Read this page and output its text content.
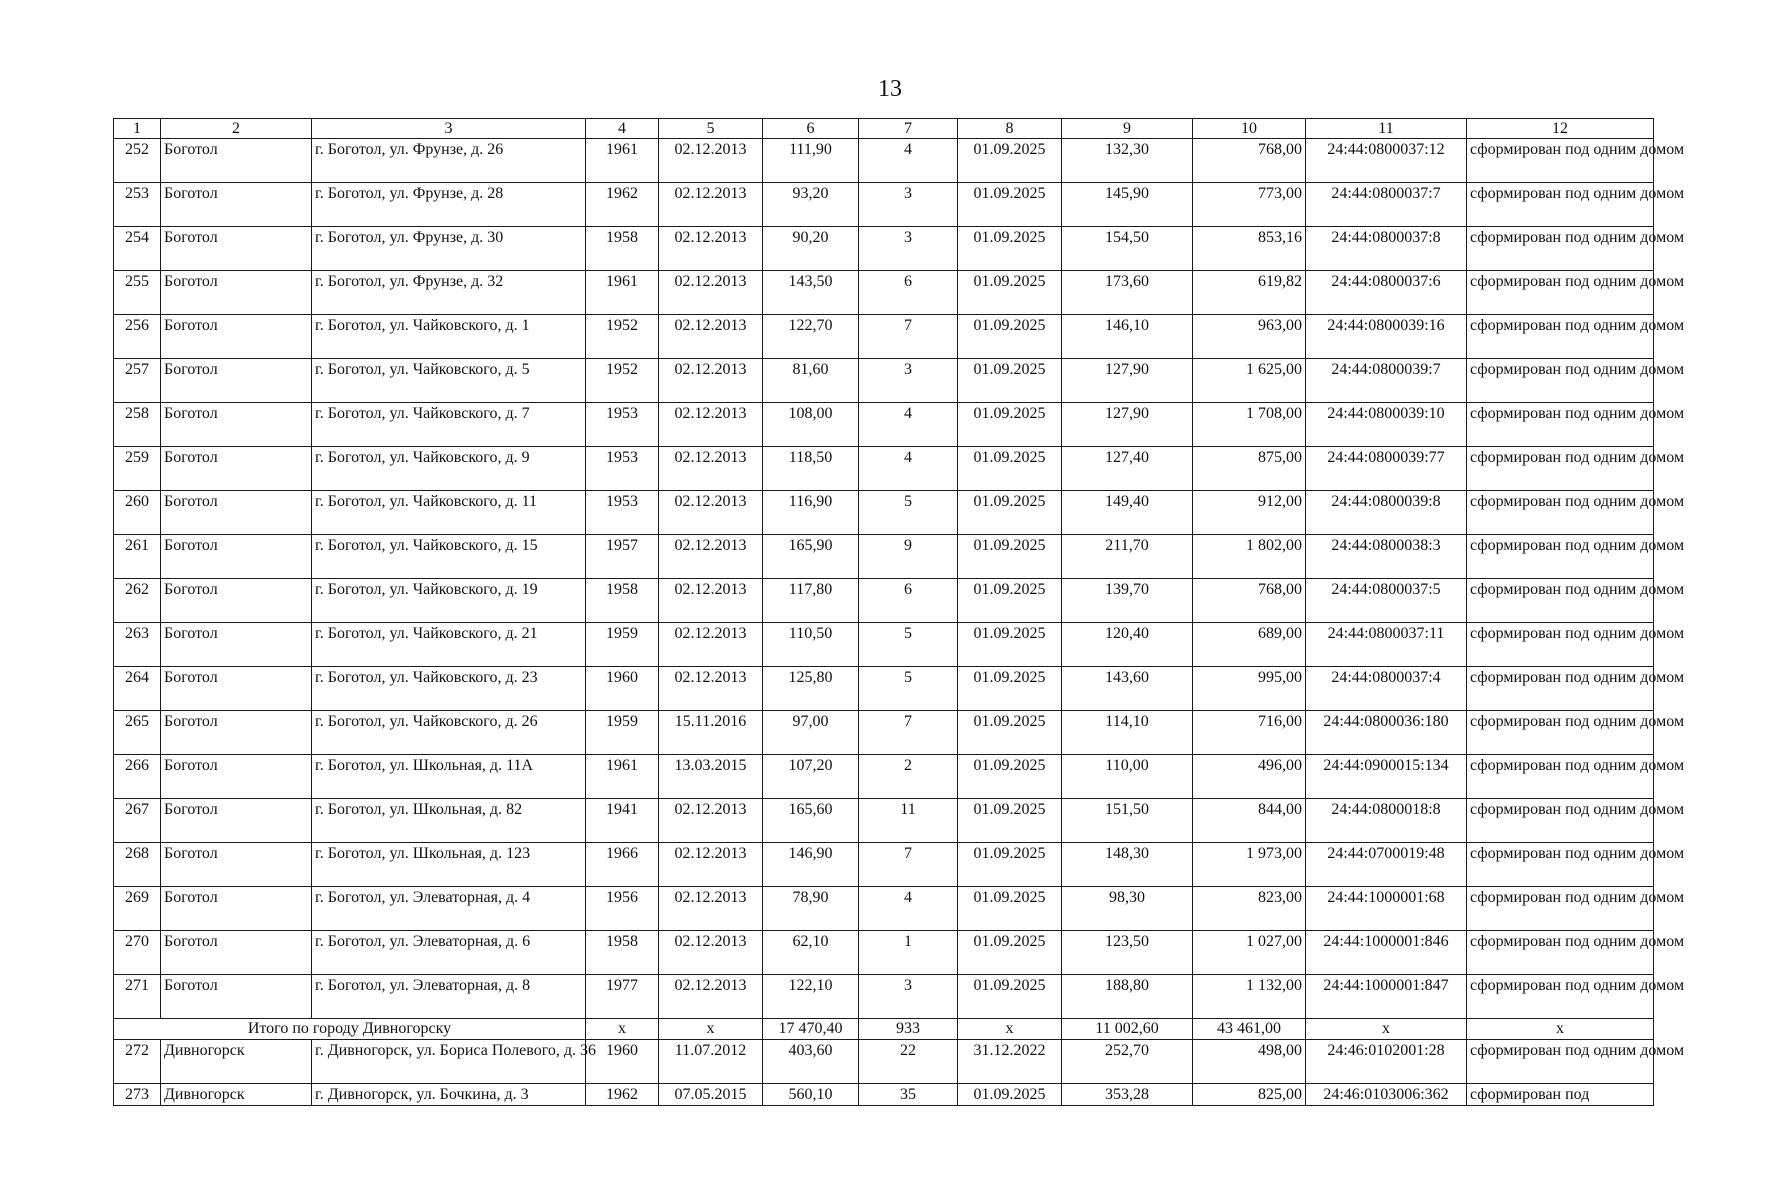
13
1	2	3	4	5	6	7	8	9	10	11	12
252	Боготол	г. Боготол, ул. Фрунзе, д. 26	1961	02.12.2013	111,90	4	01.09.2025	132,30	768,00	24:44:0800037:12	сформирован под одним домом
253	Боготол	г. Боготол, ул. Фрунзе, д. 28	1962	02.12.2013	93,20	3	01.09.2025	145,90	773,00	24:44:0800037:7	сформирован под одним домом
254	Боготол	г. Боготол, ул. Фрунзе, д. 30	1958	02.12.2013	90,20	3	01.09.2025	154,50	853,16	24:44:0800037:8	сформирован под одним домом
255	Боготол	г. Боготол, ул. Фрунзе, д. 32	1961	02.12.2013	143,50	6	01.09.2025	173,60	619,82	24:44:0800037:6	сформирован под одним домом
256	Боготол	г. Боготол, ул. Чайковского, д. 1	1952	02.12.2013	122,70	7	01.09.2025	146,10	963,00	24:44:0800039:16	сформирован под одним домом
257	Боготол	г. Боготол, ул. Чайковского, д. 5	1952	02.12.2013	81,60	3	01.09.2025	127,90	1 625,00	24:44:0800039:7	сформирован под одним домом
258	Боготол	г. Боготол, ул. Чайковского, д. 7	1953	02.12.2013	108,00	4	01.09.2025	127,90	1 708,00	24:44:0800039:10	сформирован под одним домом
259	Боготол	г. Боготол, ул. Чайковского, д. 9	1953	02.12.2013	118,50	4	01.09.2025	127,40	875,00	24:44:0800039:77	сформирован под одним домом
260	Боготол	г. Боготол, ул. Чайковского, д. 11	1953	02.12.2013	116,90	5	01.09.2025	149,40	912,00	24:44:0800039:8	сформирован под одним домом
261	Боготол	г. Боготол, ул. Чайковского, д. 15	1957	02.12.2013	165,90	9	01.09.2025	211,70	1 802,00	24:44:0800038:3	сформирован под одним домом
262	Боготол	г. Боготол, ул. Чайковского, д. 19	1958	02.12.2013	117,80	6	01.09.2025	139,70	768,00	24:44:0800037:5	сформирован под одним домом
263	Боготол	г. Боготол, ул. Чайковского, д. 21	1959	02.12.2013	110,50	5	01.09.2025	120,40	689,00	24:44:0800037:11	сформирован под одним домом
264	Боготол	г. Боготол, ул. Чайковского, д. 23	1960	02.12.2013	125,80	5	01.09.2025	143,60	995,00	24:44:0800037:4	сформирован под одним домом
265	Боготол	г. Боготол, ул. Чайковского, д. 26	1959	15.11.2016	97,00	7	01.09.2025	114,10	716,00	24:44:0800036:180	сформирован под одним домом
266	Боготол	г. Боготол, ул. Школьная, д. 11А	1961	13.03.2015	107,20	2	01.09.2025	110,00	496,00	24:44:0900015:134	сформирован под одним домом
267	Боготол	г. Боготол, ул. Школьная, д. 82	1941	02.12.2013	165,60	11	01.09.2025	151,50	844,00	24:44:0800018:8	сформирован под одним домом
268	Боготол	г. Боготол, ул. Школьная, д. 123	1966	02.12.2013	146,90	7	01.09.2025	148,30	1 973,00	24:44:0700019:48	сформирован под одним домом
269	Боготол	г. Боготол, ул. Элеваторная, д. 4	1956	02.12.2013	78,90	4	01.09.2025	98,30	823,00	24:44:1000001:68	сформирован под одним домом
270	Боготол	г. Боготол, ул. Элеваторная, д. 6	1958	02.12.2013	62,10	1	01.09.2025	123,50	1 027,00	24:44:1000001:846	сформирован под одним домом
271	Боготол	г. Боготол, ул. Элеваторная, д. 8	1977	02.12.2013	122,10	3	01.09.2025	188,80	1 132,00	24:44:1000001:847	сформирован под одним домом
Итого по городу Дивногорску			x	x	17 470,40	933	x	11 002,60	43 461,00	x	x
272	Дивногорск	г. Дивногорск, ул. Бориса Полевого, д. 36	1960	11.07.2012	403,60	22	31.12.2022	252,70	498,00	24:46:0102001:28	сформирован под одним домом
273	Дивногорск	г. Дивногорск, ул. Бочкина, д. 3	1962	07.05.2015	560,10	35	01.09.2025	353,28	825,00	24:46:0103006:362	сформирован под
